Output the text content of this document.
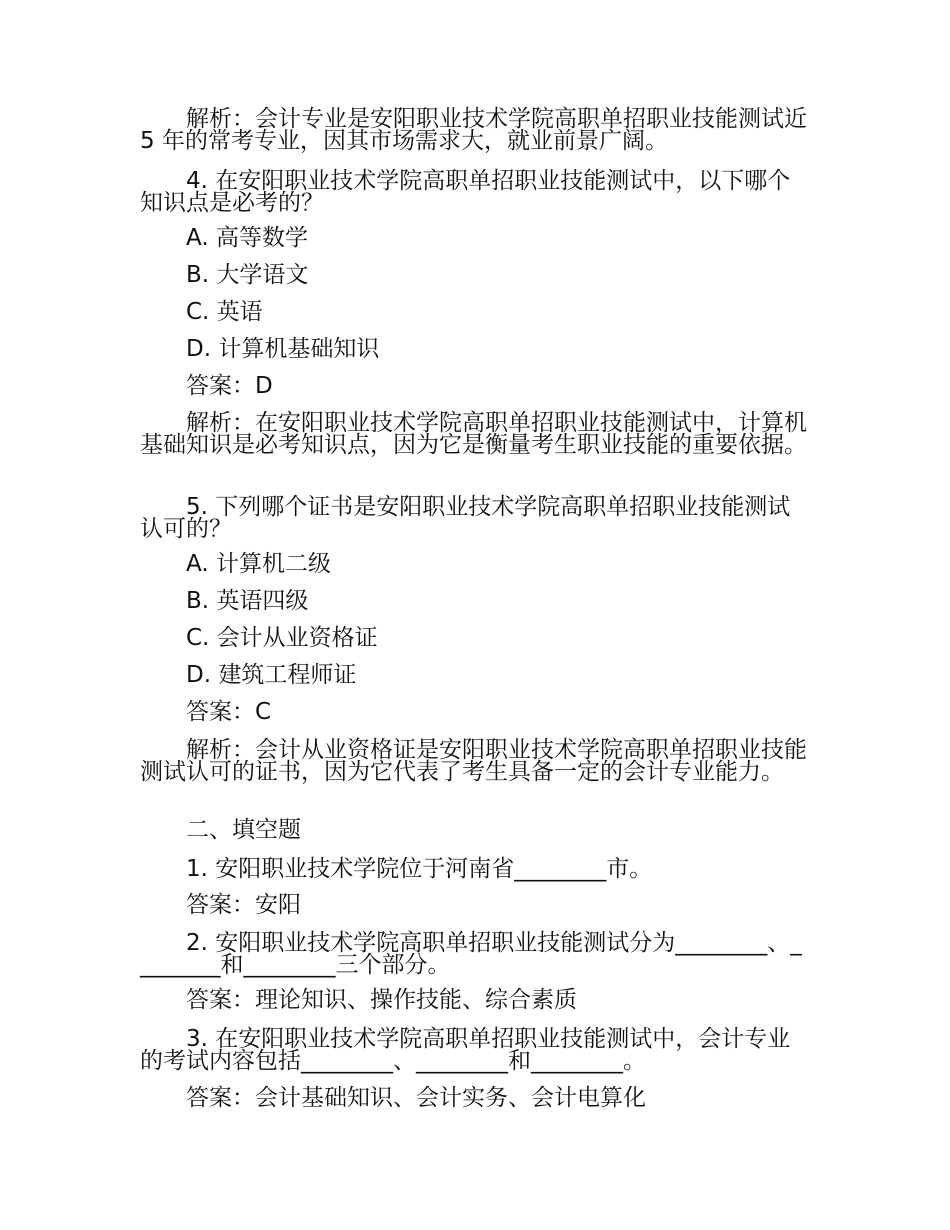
解析：会计专业是安阳职业技术学院高职单招职业技能测试近 5 年的常考专业，因其市场需求大，就业前景广阔。
4. 在安阳职业技术学院高职单招职业技能测试中，以下哪个知识点是必考的？
A. 高等数学
B. 大学语文
C. 英语
D. 计算机基础知识
答案：D
解析：在安阳职业技术学院高职单招职业技能测试中，计算机基础知识是必考知识点，因为它是衡量考生职业技能的重要依据。
5. 下列哪个证书是安阳职业技术学院高职单招职业技能测试认可的？
A. 计算机二级
B. 英语四级
C. 会计从业资格证
D. 建筑工程师证
答案：C
解析：会计从业资格证是安阳职业技术学院高职单招职业技能测试认可的证书，因为它代表了考生具备一定的会计专业能力。
二、填空题
1. 安阳职业技术学院位于河南省________市。
答案：安阳
2. 安阳职业技术学院高职单招职业技能测试分为________、________和________三个部分。
答案：理论知识、操作技能、综合素质
3. 在安阳职业技术学院高职单招职业技能测试中，会计专业的考试内容包括________、________和________。
答案：会计基础知识、会计实务、会计电算化
